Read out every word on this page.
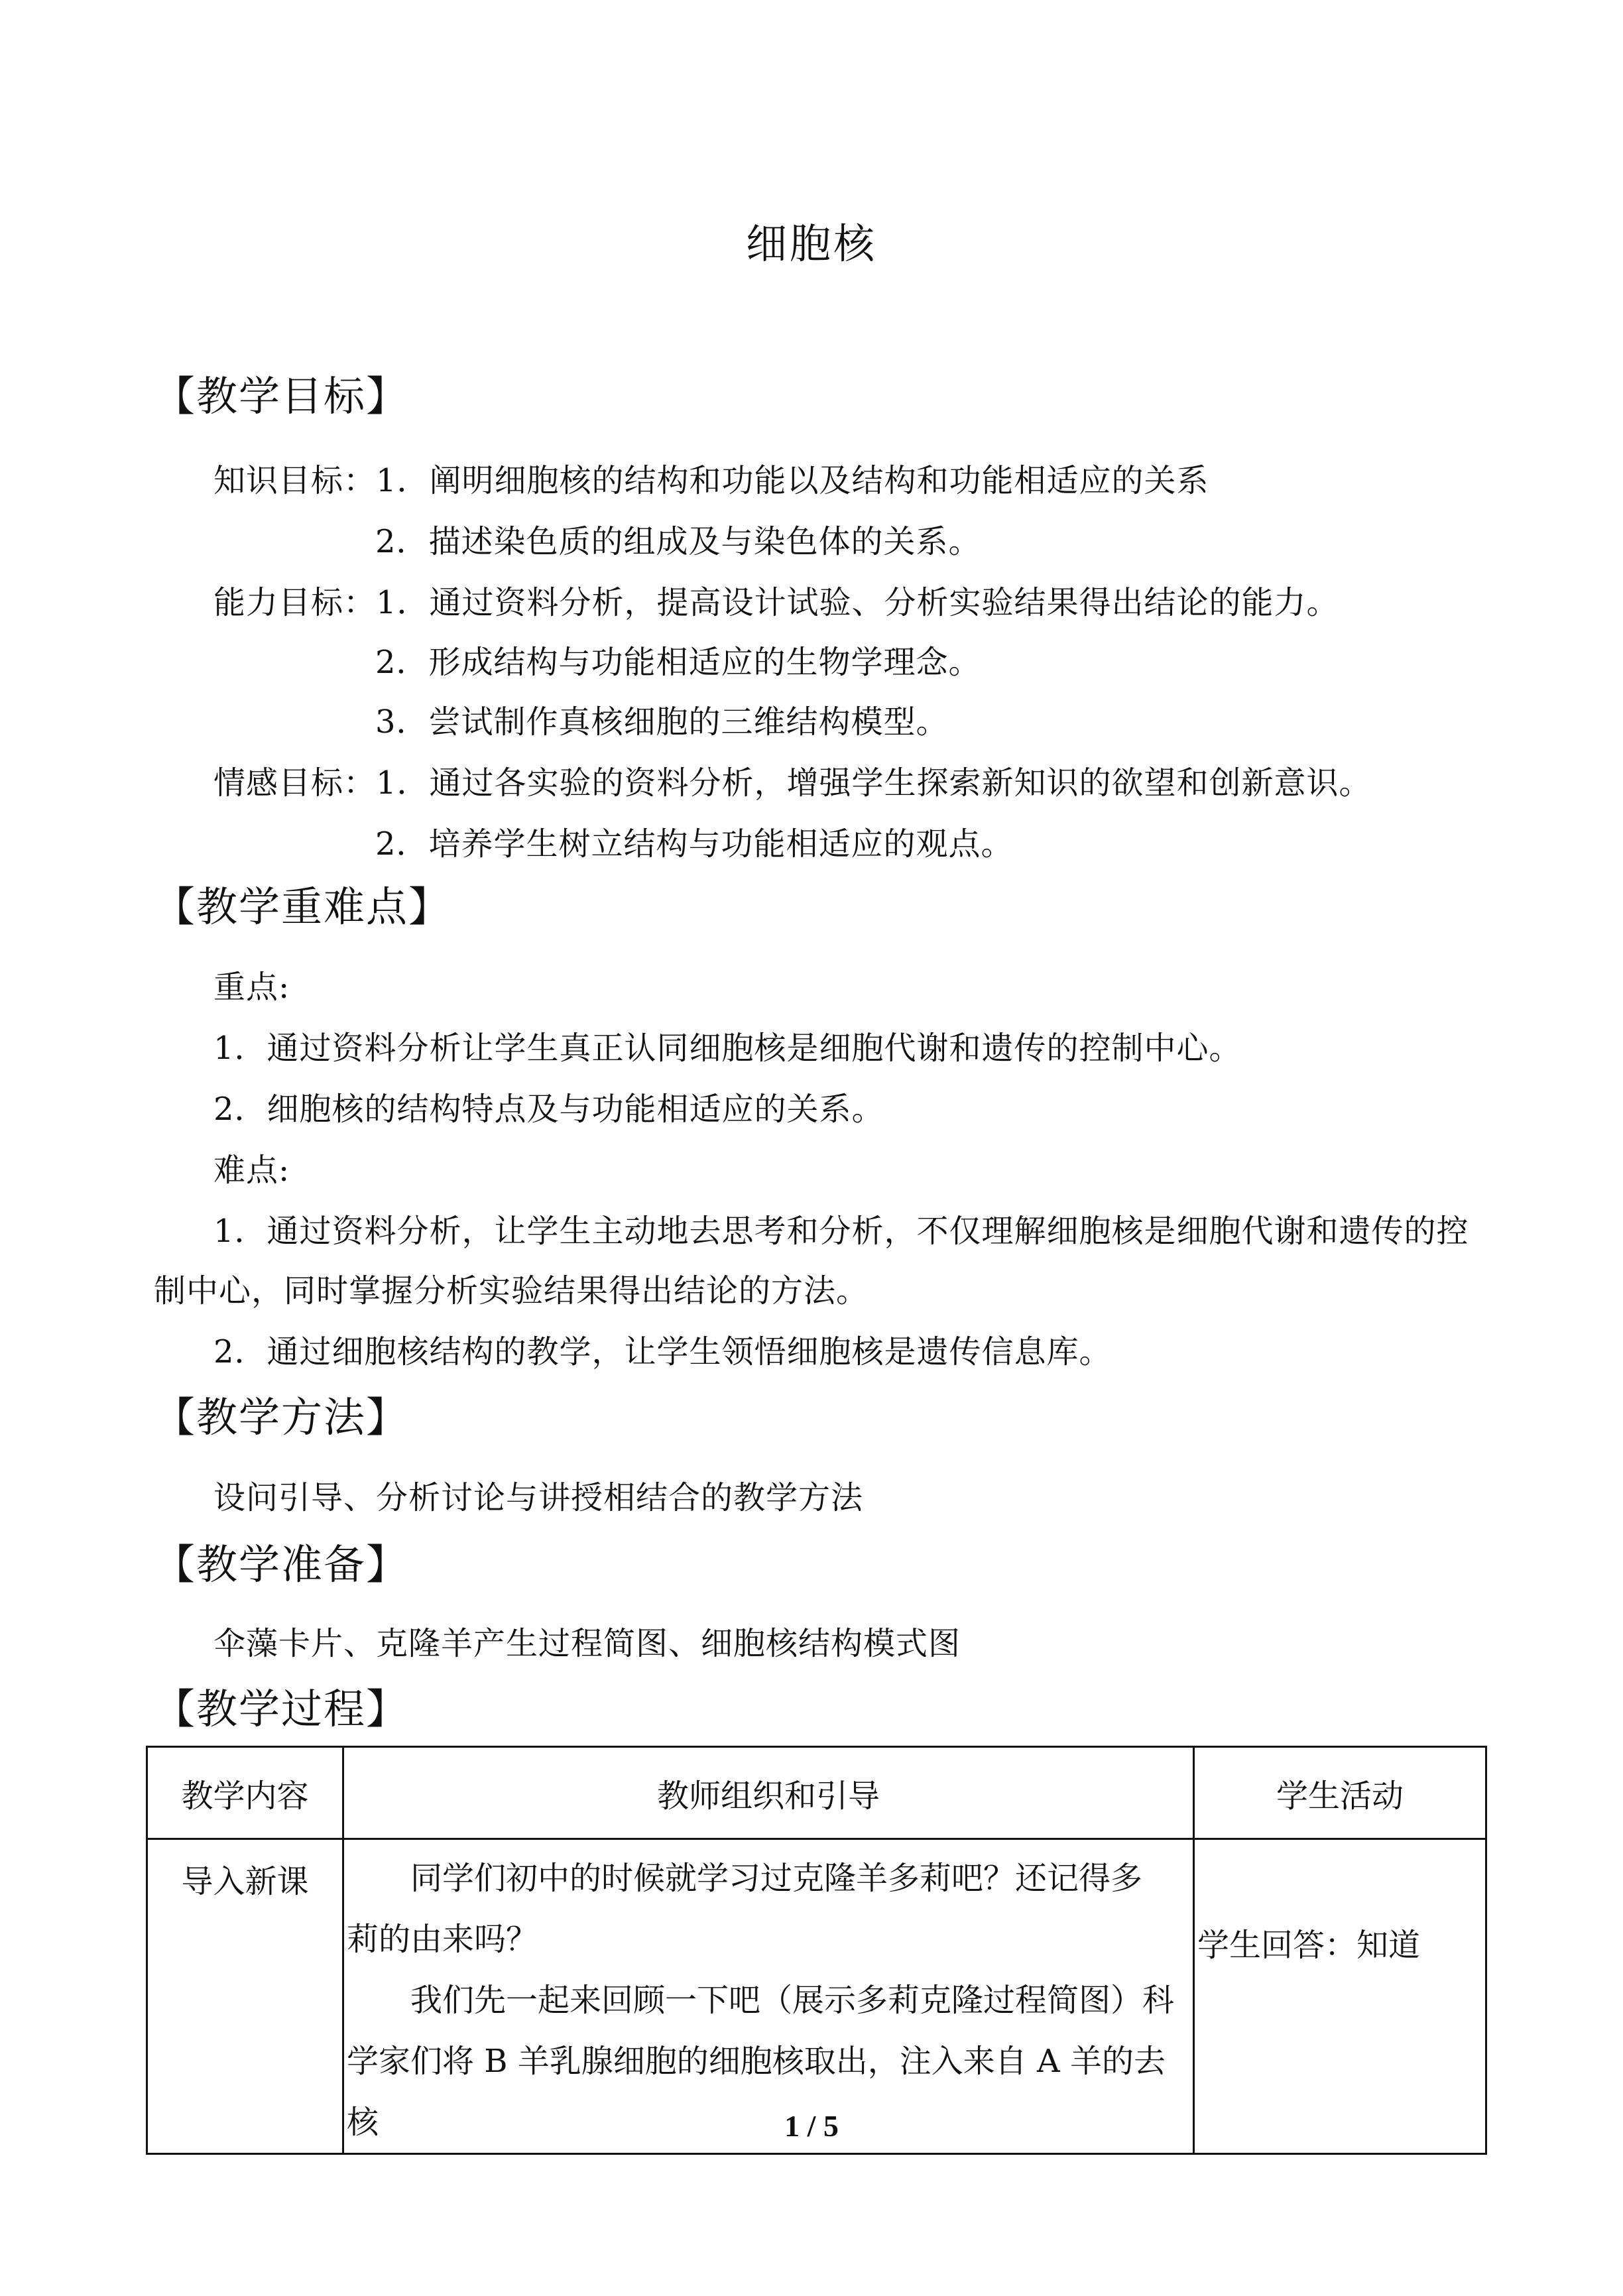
细胞核
【教学目标】
知识目标：1．阐明细胞核的结构和功能以及结构和功能相适应的关系
2．描述染色质的组成及与染色体的关系。
能力目标：1．通过资料分析，提高设计试验、分析实验结果得出结论的能力。
2．形成结构与功能相适应的生物学理念。
3．尝试制作真核细胞的三维结构模型。
情感目标：1．通过各实验的资料分析，增强学生探索新知识的欲望和创新意识。
2．培养学生树立结构与功能相适应的观点。
【教学重难点】
重点:
1．通过资料分析让学生真正认同细胞核是细胞代谢和遗传的控制中心。
2．细胞核的结构特点及与功能相适应的关系。
难点:
1．通过资料分析，让学生主动地去思考和分析，不仅理解细胞核是细胞代谢和遗传的控
制中心，同时掌握分析实验结果得出结论的方法。
2．通过细胞核结构的教学，让学生领悟细胞核是遗传信息库。
【教学方法】
设问引导、分析讨论与讲授相结合的教学方法
【教学准备】
伞藻卡片、克隆羊产生过程简图、细胞核结构模式图
【教学过程】
教学内容	教师组织和引导	学生活动
导入新课	　　同学们初中的时候就学习过克隆羊多莉吧？还记得多

莉的由来吗？

　　我们先一起来回顾一下吧（展示多莉克隆过程简图）科

学家们将 B 羊乳腺细胞的细胞核取出，注入来自 A 羊的去核	学生回答：知道
1 / 5
